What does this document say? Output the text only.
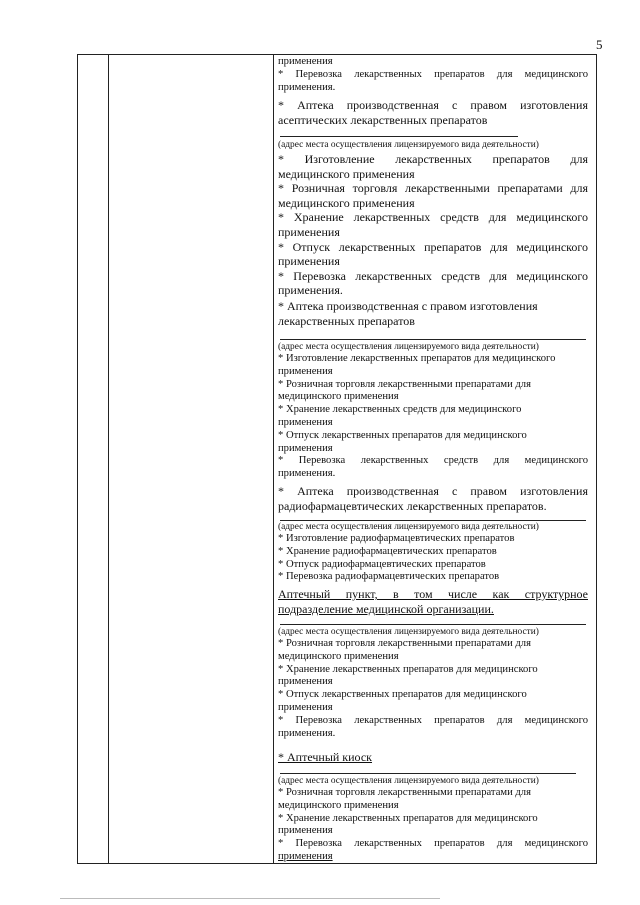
5
применения
* Перевозка лекарственных препаратов для медицинского
применения.
* Аптека производственная с правом изготовления
асептических лекарственных препаратов
(адрес места осуществления лицензируемого вида деятельности)
* Изготовление лекарственных препаратов для
медицинского применения
* Розничная торговля лекарственными препаратами для
медицинского применения
* Хранение лекарственных средств для медицинского
применения
* Отпуск лекарственных препаратов для медицинского
применения
* Перевозка лекарственных средств для медицинского
применения.
* Аптека производственная с правом изготовления
лекарственных препаратов
(адрес места осуществления лицензируемого вида деятельности)
* Изготовление лекарственных препаратов для медицинского
применения
* Розничная торговля лекарственными препаратами для
медицинского применения
* Хранение лекарственных средств для медицинского
применения
* Отпуск лекарственных препаратов для медицинского
применения
* Перевозка лекарственных средств для медицинского
применения.
* Аптека производственная с правом изготовления
радиофармацевтических лекарственных препаратов.
(адрес места осуществления лицензируемого вида деятельности)
* Изготовление радиофармацевтических препаратов
* Хранение радиофармацевтических препаратов
* Отпуск радиофармацевтических препаратов
* Перевозка радиофармацевтических препаратов
Аптечный пункт, в том числе как структурное
подразделение медицинской организации.
(адрес места осуществления лицензируемого вида деятельности)
* Розничная торговля лекарственными препаратами для
медицинского применения
* Хранение лекарственных препаратов для медицинского
применения
* Отпуск лекарственных препаратов для медицинского
применения
* Перевозка лекарственных препаратов для медицинского
применения.
* Аптечный киоск
(адрес места осуществления лицензируемого вида деятельности)
* Розничная торговля лекарственными препаратами для
медицинского применения
* Хранение лекарственных препаратов для медицинского
применения
* Перевозка лекарственных препаратов для медицинского
применения
